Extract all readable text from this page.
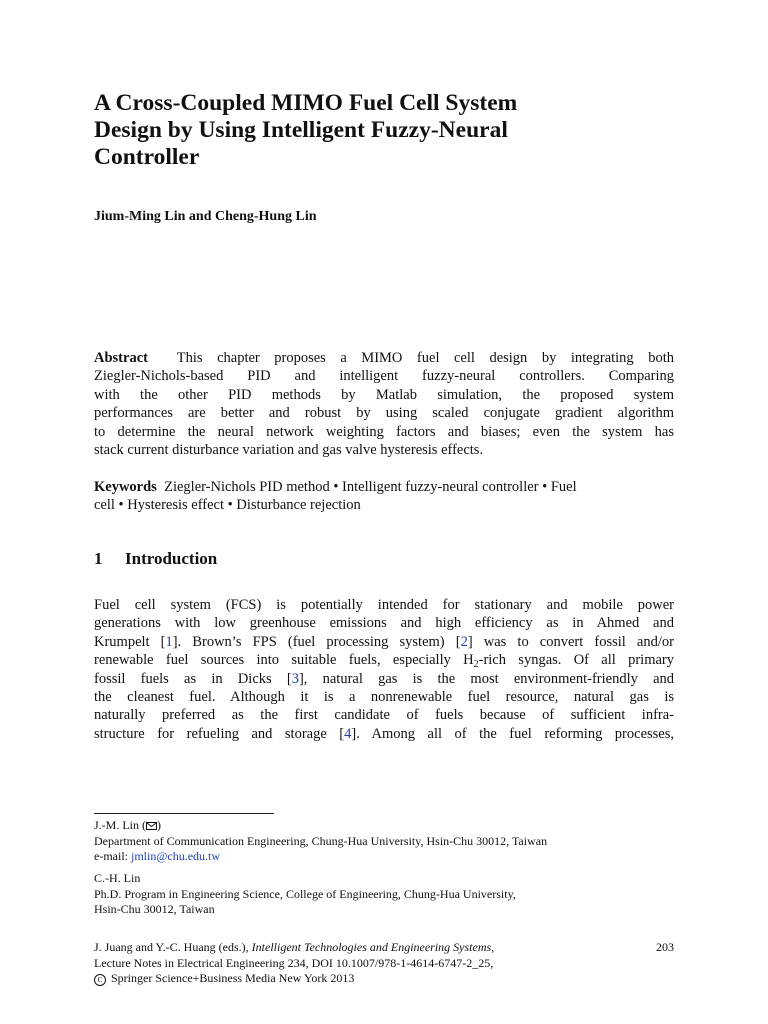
A Cross-Coupled MIMO Fuel Cell System
Design by Using Intelligent Fuzzy-Neural
Controller
Jium-Ming Lin and Cheng-Hung Lin
Abstract This chapter proposes a MIMO fuel cell design by integrating both
Ziegler-Nichols-based PID and intelligent fuzzy-neural controllers. Comparing
with the other PID methods by Matlab simulation, the proposed system
performances are better and robust by using scaled conjugate gradient algorithm
to determine the neural network weighting factors and biases; even the system has
stack current disturbance variation and gas valve hysteresis effects.
Keywords Ziegler-Nichols PID method • Intelligent fuzzy-neural controller • Fuel
cell • Hysteresis effect • Disturbance rejection
1 Introduction
Fuel cell system (FCS) is potentially intended for stationary and mobile power
generations with low greenhouse emissions and high efficiency as in Ahmed and
Krumpelt [1]. Brown’s FPS (fuel processing system) [2] was to convert fossil and/or
renewable fuel sources into suitable fuels, especially $H_2$-rich syngas. Of all primary
fossil fuels as in Dicks [3], natural gas is the most environment-friendly and
the cleanest fuel. Although it is a nonrenewable fuel resource, natural gas is
naturally preferred as the first candidate of fuels because of sufficient infra-
structure for refueling and storage [4]. Among all of the fuel reforming processes,
J.-M. Lin ( )
Department of Communication Engineering, Chung-Hua University, Hsin-Chu 30012, Taiwan
e-mail: jmlin@chu.edu.tw
C.-H. Lin
Ph.D. Program in Engineering Science, College of Engineering, Chung-Hua University,
Hsin-Chu 30012, Taiwan
J. Juang and Y.-C. Huang (eds.), Intelligent Technologies and Engineering Systems,	203
Lecture Notes in Electrical Engineering 234, DOI 10.1007/978-1-4614-6747-2_25,
C Springer Science+Business Media New York 2013
